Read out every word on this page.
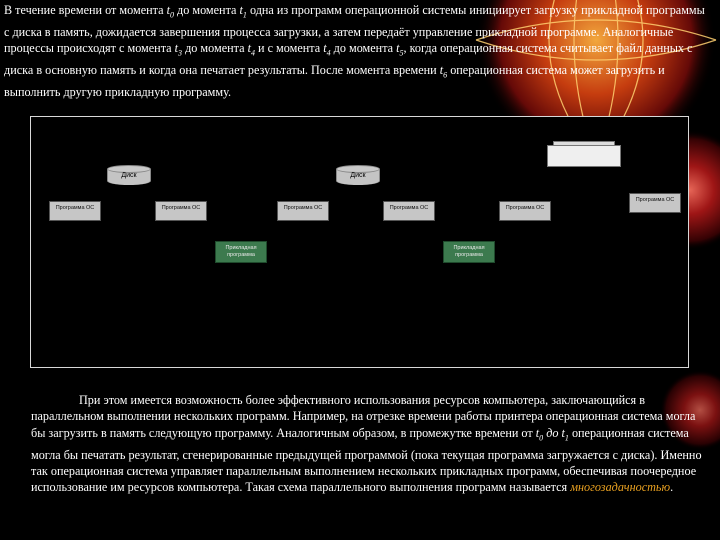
В течение времени от момента $t_0$ до момента $t_1$ одна из программ операционной системы инициирует загрузку прикладной программы с диска в память, дожидается завершения процесса загрузки, а затем передаёт управление прикладной программе. Аналогичные процессы происходят с момента $t_3$ до момента $t_4$ и с момента $t_4$ до момента $t_5$, когда операционная система считывает файл данных с диска в основную память и когда она печатает результаты. После момента времени $t_6$ операционная система может загрузить и выполнить другую прикладную программу.

Диск	Диск
Программа ОС	Программа ОС	Программа ОС	Программа ОС	Программа ОС
Программа ОС
Прикладная программа
Прикладная программа

При этом имеется возможность более эффективного использования ресурсов компьютера, заключающийся в параллельном выполнении нескольких программ. Например, на отрезке времени работы принтера операционная система могла бы загрузить в память следующую программу. Аналогичным образом, в промежутке времени от $t_0$ до $t_1$ операционная система могла бы печатать результат, сгенерированные предыдущей программой (пока текущая программа загружается с диска). Именно так операционная система управляет параллельным выполнением нескольких прикладных программ, обеспечивая поочередное использование им ресурсов компьютера. Такая схема параллельного выполнения программ называется многозадачностью.
